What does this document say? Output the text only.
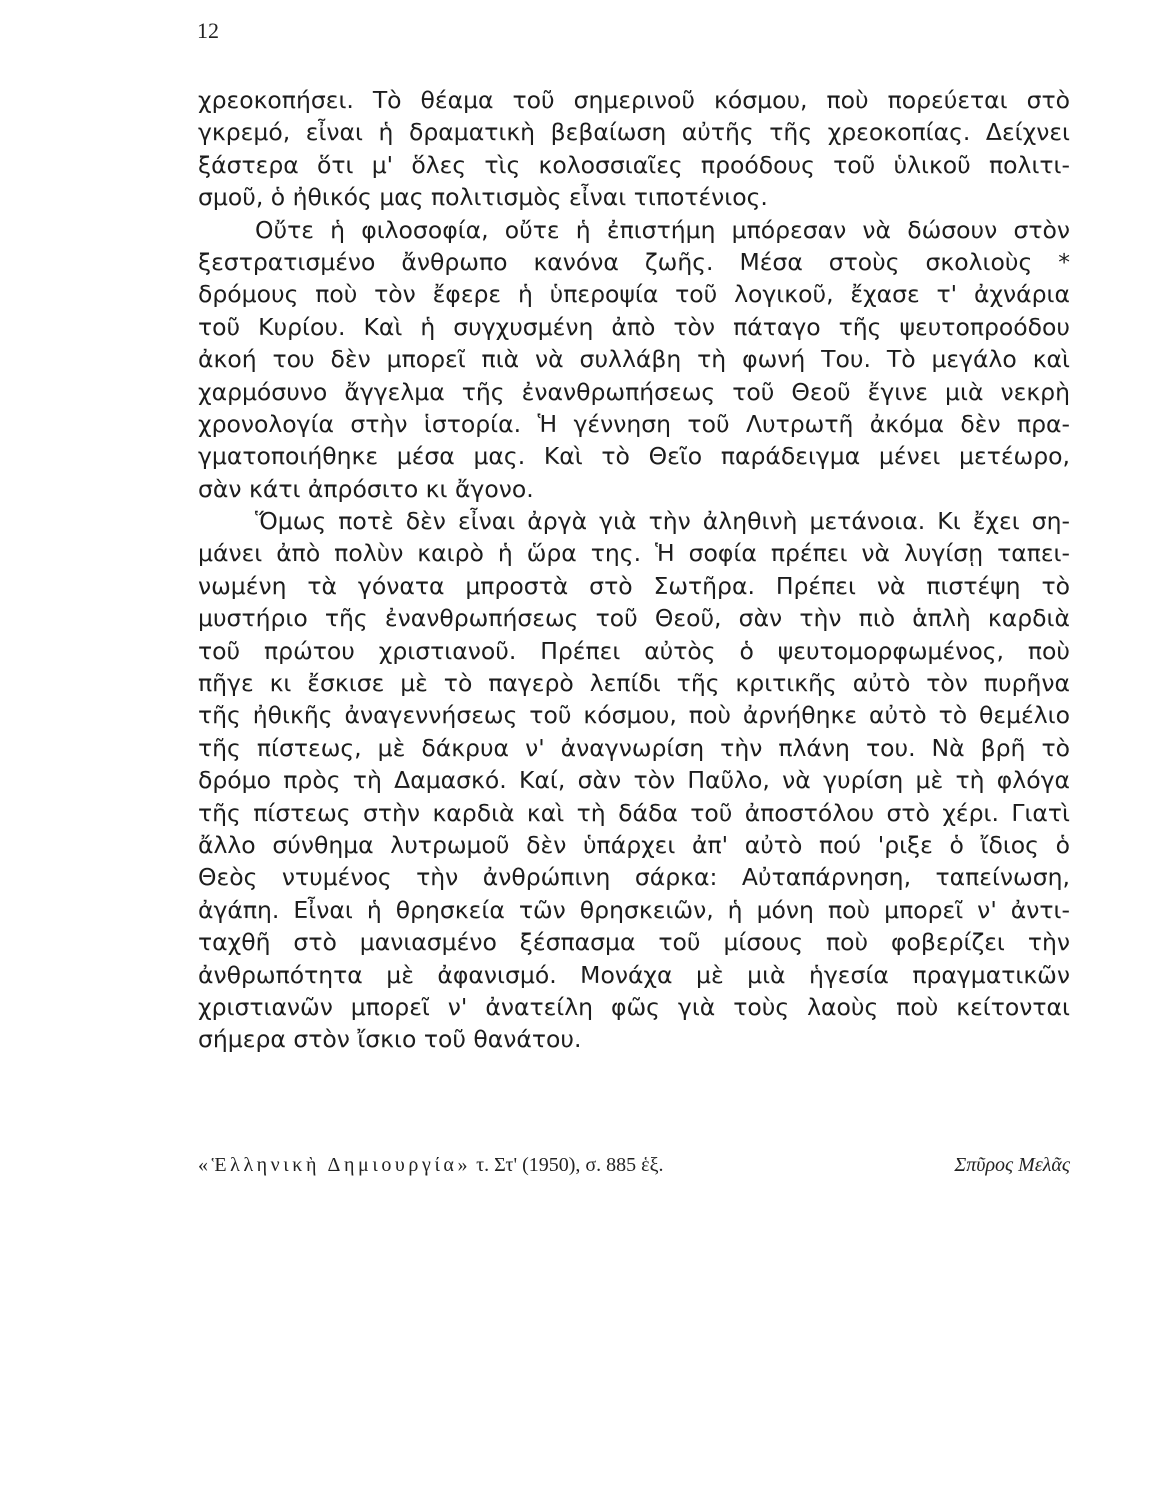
12
χρεοκοπήσει. Τὸ θέαμα τοῦ σημερινοῦ κόσμου, ποὺ πορεύεται στὸ
γκρεμό, εἶναι ἡ δραματικὴ βεβαίωση αὐτῆς τῆς χρεοκοπίας. Δείχνει
ξάστερα ὅτι μ' ὅλες τὶς κολοσσιαῖες προόδους τοῦ ὑλικοῦ πολιτι-
σμοῦ, ὁ ἠθικός μας πολιτισμὸς εἶναι τιποτένιος.
Οὔτε ἡ φιλοσοφία, οὔτε ἡ ἐπιστήμη μπόρεσαν νὰ δώσουν στὸν
ξεστρατισμένο ἄνθρωπο κανόνα ζωῆς. Μέσα στοὺς σκολιοὺς *
δρόμους ποὺ τὸν ἔφερε ἡ ὑπεροψία τοῦ λογικοῦ, ἔχασε τ' ἀχνάρια
τοῦ Κυρίου. Καὶ ἡ συγχυσμένη ἀπὸ τὸν πάταγο τῆς ψευτοπροόδου
ἀκοή του δὲν μπορεῖ πιὰ νὰ συλλάβη τὴ φωνή Του. Τὸ μεγάλο καὶ
χαρμόσυνο ἄγγελμα τῆς ἐνανθρωπήσεως τοῦ Θεοῦ ἔγινε μιὰ νεκρὴ
χρονολογία στὴν ἱστορία. Ἡ γέννηση τοῦ Λυτρωτῆ ἀκόμα δὲν πρα-
γματοποιήθηκε μέσα μας. Καὶ τὸ Θεῖο παράδειγμα μένει μετέωρο,
σὰν κάτι ἀπρόσιτο κι ἄγονο.
Ὅμως ποτὲ δὲν εἶναι ἀργὰ γιὰ τὴν ἀληθινὴ μετάνοια. Κι ἔχει ση-
μάνει ἀπὸ πολὺν καιρὸ ἡ ὥρα της. Ἡ σοφία πρέπει νὰ λυγίσῃ ταπει-
νωμένη τὰ γόνατα μπροστὰ στὸ Σωτῆρα. Πρέπει νὰ πιστέψη τὸ
μυστήριο τῆς ἐνανθρωπήσεως τοῦ Θεοῦ, σὰν τὴν πιὸ ἁπλὴ καρδιὰ
τοῦ πρώτου χριστιανοῦ. Πρέπει αὐτὸς ὁ ψευτομορφωμένος, ποὺ
πῆγε κι ἔσκισε μὲ τὸ παγερὸ λεπίδι τῆς κριτικῆς αὐτὸ τὸν πυρῆνα
τῆς ἠθικῆς ἀναγεννήσεως τοῦ κόσμου, ποὺ ἀρνήθηκε αὐτὸ τὸ θεμέλιο
τῆς πίστεως, μὲ δάκρυα ν' ἀναγνωρίση τὴν πλάνη του. Νὰ βρῆ τὸ
δρόμο πρὸς τὴ Δαμασκό. Καί, σὰν τὸν Παῦλο, νὰ γυρίση μὲ τὴ φλόγα
τῆς πίστεως στὴν καρδιὰ καὶ τὴ δάδα τοῦ ἀποστόλου στὸ χέρι. Γιατὶ
ἄλλο σύνθημα λυτρωμοῦ δὲν ὑπάρχει ἀπ' αὐτὸ πού 'ριξε ὁ ἴδιος ὁ
Θεὸς ντυμένος τὴν ἀνθρώπινη σάρκα: Αὐταπάρνηση, ταπείνωση,
ἀγάπη. Εἶναι ἡ θρησκεία τῶν θρησκειῶν, ἡ μόνη ποὺ μπορεῖ ν' ἀντι-
ταχθῆ στὸ μανιασμένο ξέσπασμα τοῦ μίσους ποὺ φοβερίζει τὴν
ἀνθρωπότητα μὲ ἀφανισμό. Μονάχα μὲ μιὰ ἡγεσία πραγματικῶν
χριστιανῶν μπορεῖ ν' ἀνατείλη φῶς γιὰ τοὺς λαοὺς ποὺ κείτονται
σήμερα στὸν ἴσκιο τοῦ θανάτου.
«Ἑλληνικὴ Δημιουργία» τ. Στ' (1950), σ. 885 ἑξ.	Σπῦρος Μελᾶς
